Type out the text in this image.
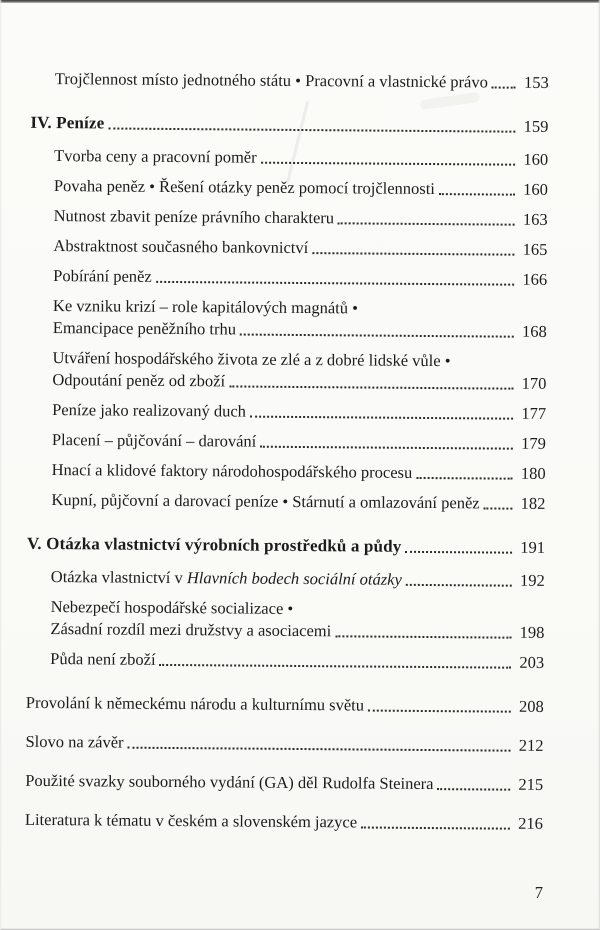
Trojčlennost místo jednotného státu • Pracovní a vlastnické právo	153
IV. Peníze	159
Tvorba ceny a pracovní poměr	160
Povaha peněz • Řešení otázky peněz pomocí trojčlennosti	160
Nutnost zbavit peníze právního charakteru	163
Abstraktnost současného bankovnictví	165
Pobírání peněz	166
Ke vzniku krizí – role kapitálových magnátů •
Emancipace peněžního trhu	168
Utváření hospodářského života ze zlé a z dobré lidské vůle •
Odpoutání peněz od zboží	170
Peníze jako realizovaný duch	177
Placení – půjčování – darování	179
Hnací a klidové faktory národohospodářského procesu	180
Kupní, půjčovní a darovací peníze • Stárnutí a omlazování peněz	182
V. Otázka vlastnictví výrobních prostředků a půdy	191
Otázka vlastnictví v Hlavních bodech sociální otázky	192
Nebezpečí hospodářské socializace •
Zásadní rozdíl mezi družstvy a asociacemi	198
Půda není zboží	203
Provolání k německému národu a kulturnímu světu	208
Slovo na závěr	212
Použité svazky souborného vydání (GA) děl Rudolfa Steinera	215
Literatura k tématu v českém a slovenském jazyce	216
7
